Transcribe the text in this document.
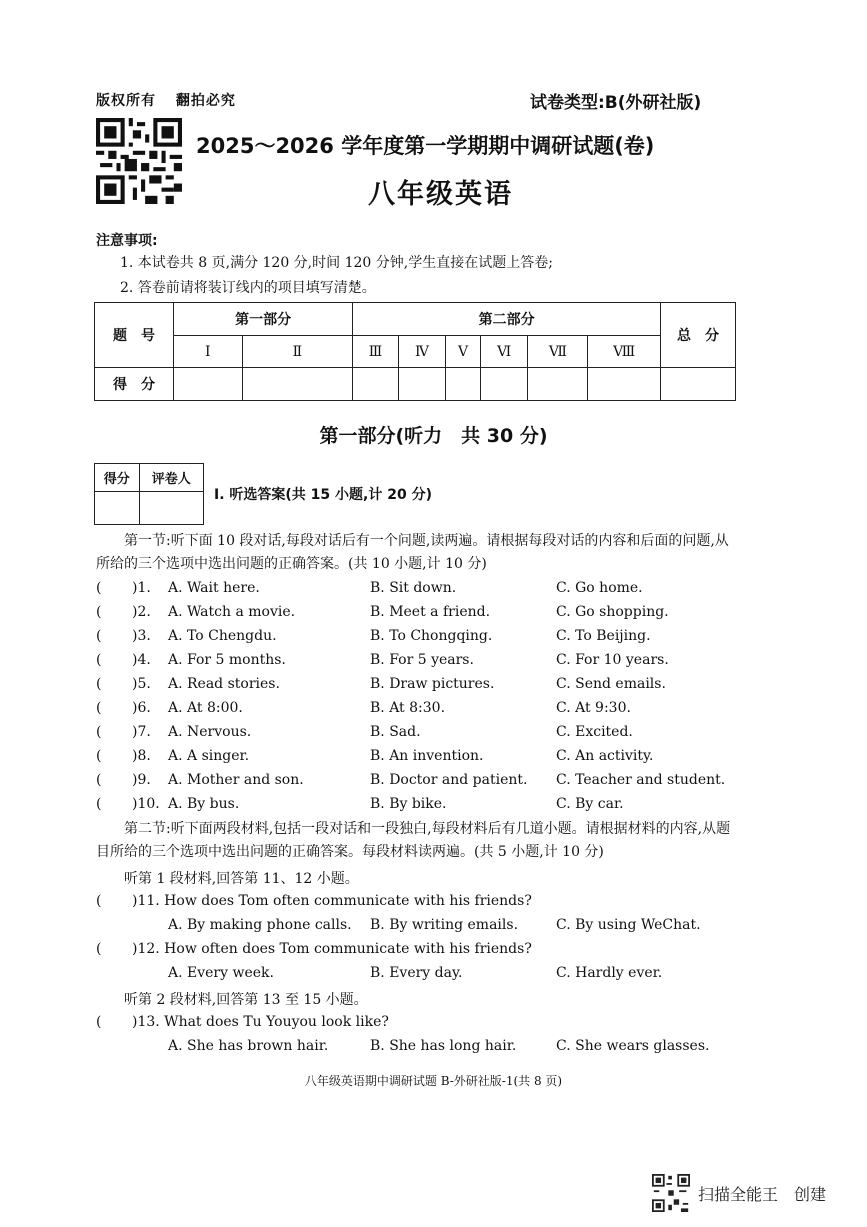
版权所有 翻拍必究	试卷类型:B(外研社版)
2025～2026 学年度第一学期期中调研试题(卷)
八年级英语
注意事项:
1. 本试卷共 8 页,满分 120 分,时间 120 分钟,学生直接在试题上答卷;
2. 答卷前请将装订线内的项目填写清楚。
题　号	第一部分		第二部分						总　分
	Ⅰ	Ⅱ	Ⅲ	Ⅳ	Ⅴ	Ⅵ	Ⅶ	Ⅷ	
得　分									
第一部分(听力　共 30 分)
得分	评卷人

Ⅰ. 听选答案(共 15 小题,计 20 分)
第一节:听下面 10 段对话,每段对话后有一个问题,读两遍。请根据每段对话的内容和后面的问题,从所给的三个选项中选出问题的正确答案。(共 10 小题,计 10 分)
( )1. A. Wait here.	B. Sit down.	C. Go home.
( )2. A. Watch a movie.	B. Meet a friend.	C. Go shopping.
( )3. A. To Chengdu.	B. To Chongqing.	C. To Beijing.
( )4. A. For 5 months.	B. For 5 years.	C. For 10 years.
( )5. A. Read stories.	B. Draw pictures.	C. Send emails.
( )6. A. At 8:00.	B. At 8:30.	C. At 9:30.
( )7. A. Nervous.	B. Sad.	C. Excited.
( )8. A. A singer.	B. An invention.	C. An activity.
( )9. A. Mother and son.	B. Doctor and patient. C. Teacher and student.
( )10. A. By bus.	B. By bike.	C. By car.
第二节:听下面两段材料,包括一段对话和一段独白,每段材料后有几道小题。请根据材料的内容,从题目所给的三个选项中选出问题的正确答案。每段材料读两遍。(共 5 小题,计 10 分)
听第 1 段材料,回答第 11、12 小题。
( )11. How does Tom often communicate with his friends?
A. By making phone calls. B. By writing emails.	C. By using WeChat.
( )12. How often does Tom communicate with his friends?
A. Every week.	B. Every day.	C. Hardly ever.
听第 2 段材料,回答第 13 至 15 小题。
( )13. What does Tu Youyou look like?
A. She has brown hair.	B. She has long hair.	C. She wears glasses.
八年级英语期中调研试题 B-外研社版-1(共 8 页)
扫描全能王　创建
